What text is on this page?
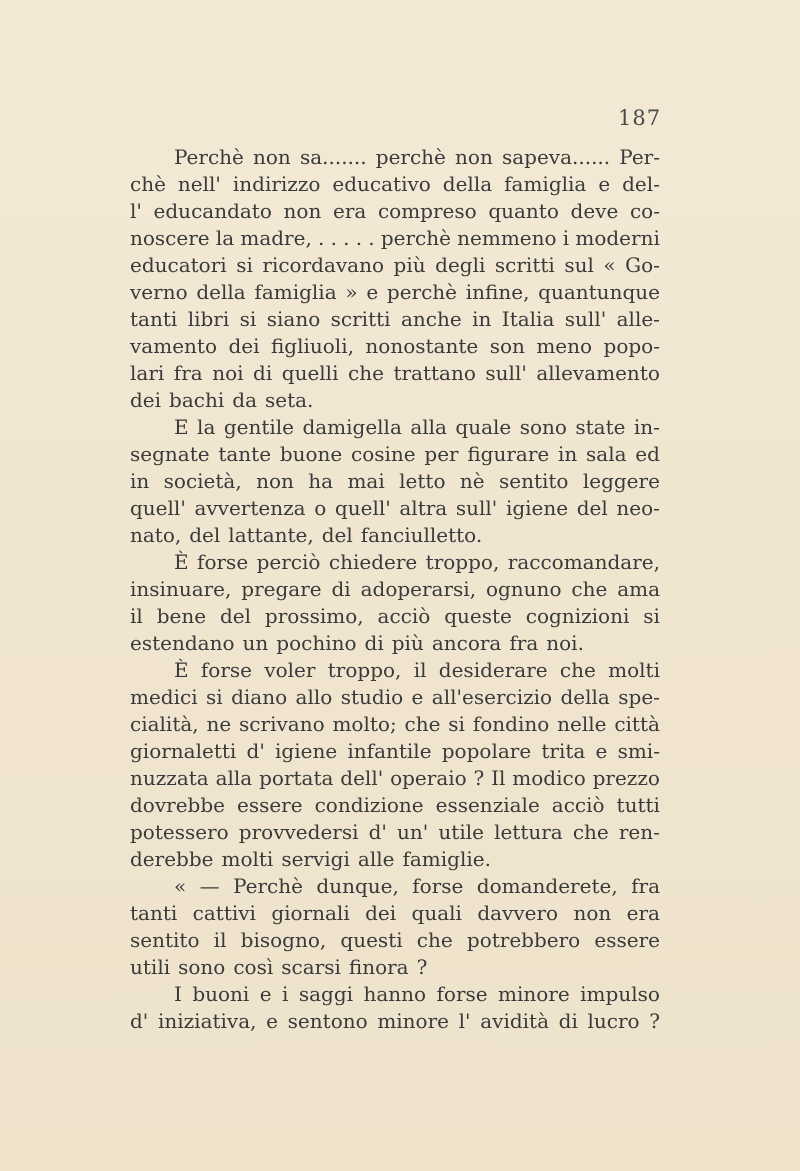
187
Perchè non sa....... perchè non sapeva...... Per-
chè nell' indirizzo educativo della famiglia e del-
l' educandato non era compreso quanto deve co-
noscere la madre, . . . . . perchè nemmeno i moderni
educatori si ricordavano più degli scritti sul « Go-
verno della famiglia » e perchè infine, quantunque
tanti libri si siano scritti anche in Italia sull' alle-
vamento dei figliuoli, nonostante son meno popo-
lari fra noi di quelli che trattano sull' allevamento
dei bachi da seta.
E la gentile damigella alla quale sono state in-
segnate tante buone cosine per figurare in sala ed
in società, non ha mai letto nè sentito leggere
quell' avvertenza o quell' altra sull' igiene del neo-
nato, del lattante, del fanciulletto.
È forse perciò chiedere troppo, raccomandare,
insinuare, pregare di adoperarsi, ognuno che ama
il bene del prossimo, acciò queste cognizioni si
estendano un pochino di più ancora fra noi.
È forse voler troppo, il desiderare che molti
medici si diano allo studio e all'esercizio della spe-
cialità, ne scrivano molto; che si fondino nelle città
giornaletti d' igiene infantile popolare trita e smi-
nuzzata alla portata dell' operaio ? Il modico prezzo
dovrebbe essere condizione essenziale acciò tutti
potessero provvedersi d' un' utile lettura che ren-
derebbe molti servigi alle famiglie.
« — Perchè dunque, forse domanderete, fra
tanti cattivi giornali dei quali davvero non era
sentito il bisogno, questi che potrebbero essere
utili sono così scarsi finora ?
I buoni e i saggi hanno forse minore impulso
d' iniziativa, e sentono minore l' avidità di lucro ?
